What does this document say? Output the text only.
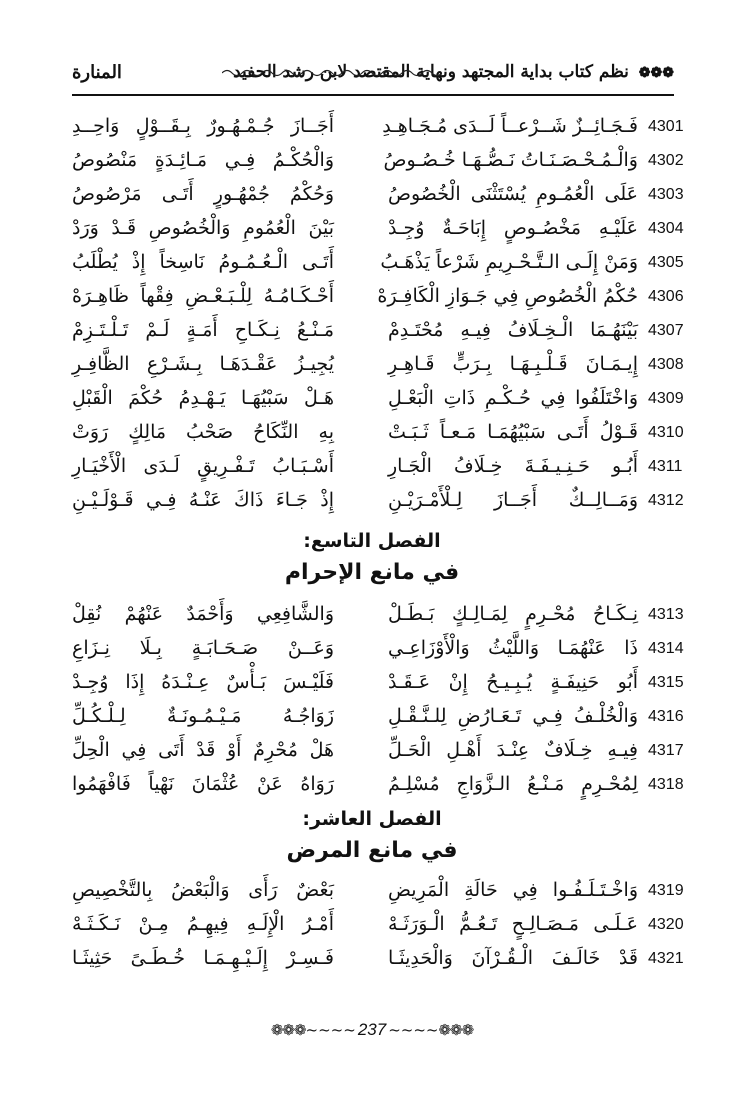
❁❁❁ نظم كتاب بداية المجتهد ونهاية المقتصد لابن رشد الحفيد
المنارة
4301
فَـجَـائِــزٌ شَــرْعــاً لَــدَى مُـجَـاهِـدِ
أَجَــازَ جُـمْـهُـورٌ بِـقَــوْلٍ وَاحِــدِ
4302
وَالْـمُـحْـصَـنَـاتُ نَـصُّـهَـا خُـصُـوصُ
وَالْحُكْـمُ فِـي مَـائِـدَةٍ مَنْصُوصُ
4303
عَلَى الْعُمُـومِ يُسْتَثْنَى الْخُصُوصُ
وَحُكْمُ جُمْهُـورٍ أَتَـى مَرْصُوصُ
4304
عَلَيْـهِ مَخْصُـوصٍ إِبَاحَـةٌ وُجِـدْ
بَيْنَ الْعُمُومِ وَالْخُصُوصِ قَـدْ وَرَدْ
4305
وَمَنْ إِلَـى الـتَّـحْـرِيمِ شَرْعاً يَذْهَـبُ
أَتَـى الْـعُـمُـومُ نَاسِخاً إِذْ يُطْلَبُ
4306
حُكْمُ الْخُصُوصِ فِي جَـوَازِ الْكَافِـرَهْ
أَحْـكَـامُـهُ لِلْـبَـعْـضِ فِقْهاً ظَاهِـرَهْ
4307
بَيْنَهُـمَا الْـخِـلَافُ فِيـهِ مُحْتَـدِمْ
مَـنْـعُ نِـكَـاحِ أَمَـةٍ لَـمْ تَـلْـتَـزِمْ
4308
إِيـمَـانَ قَـلْـبِـهَـا بِـرَبٍّ قَـاهِـرِ
يُجِيـزُ عَقْـدَهَـا بِـشَـرْعِ الظَّافِـرِ
4309
وَاخْتَلَفُوا فِي حُـكْـمِ ذَاتِ الْبَعْـلِ
هَـلْ سَبْيُهَـا يَـهْـدِمُ حُكْمَ الْقَبْلِ
4310
قَـوْلُ أَتَـى سَبْيُهُمَـا مَـعـاً ثَـبَـتْ
بِهِ النِّكَاحُ صَحْبُ مَالِكٍ رَوَتْ
4311
أَبُـو حَـنِـيـفَـةَ خِـلَافُ الْجَـارِ
أَسْـبَـابُ تَـفْـرِيقٍ لَـدَى الْأَخْيَـارِ
4312
وَمَــالِــكٌ أَجَــازَ لِـلْأَمْـرَيْـنِ
إِذْ جَـاءَ ذَاكَ عَنْـهُ فِـي قَـوْلَـيْـنِ
الفصل التاسع:
في مانع الإحرام
4313
نِـكَـاحُ مُحْـرِمٍ لِمَـالِـكٍ بَـطَـلْ
وَالشَّافِعِي وَأَحْمَدٌ عَنْهُمْ نُقِلْ
4314
ذَا عَنْهُمَـا وَاللَّيْثُ وَالْأَوْزَاعِـي
وَعَــنْ صَـحَـابَـةٍ بِـلَا نِـزَاعِ
4315
أَبُو حَنِيفَـةٍ يُـبِـيـحُ إِنْ عَـقَـدْ
فَلَيْـسَ بَـأْسٌ عِـنْـدَهُ إِذَا وُجِـدْ
4316
وَالْخُلْـفُ فِـي تَـعَـارُضِ لِلـنَّـقْـلِ
زَوَاجُـهُ مَـيْـمُـونَـةٌ لِـلْـكُـلِّ
4317
فِيـهِ خِـلَافٌ عِنْـدَ أَهْـلِ الْحَـلِّ
هَلْ مُحْرِمٌ أَوْ قَدْ أَتَى فِي الْحِلِّ
4318
لِمُحْـرِمٍ مَـنْـعُ الـزَّوَاجِ مُسْلِـمُ
رَوَاهُ عَنْ عُثْمَانَ نَهْياً فَافْهَمُوا
الفصل العاشر:
في مانع المرض
4319
وَاخْـتَـلَـفُـوا فِي حَالَةِ الْمَرِيضِ
بَعْضٌ رَأَى وَالْبَعْضُ بِالتَّخْصِيصِ
4320
عَـلَـى مَـصَـالِـحٍ تَـعُـمُّ الْـوَرَثَـهْ
أَمْـرُ الْإِلَـهِ فِيهِـمُ مِـنْ نَـكَـثَـهْ
4321
قَدْ خَالَـفَ الْـقُـرْآنَ وَالْحَدِيثَـا
فَـسِـرْ إِلَـيْـهِـمَـا خُـطَـىً حَثِيثَـا
❁❁❁~~~~ 237 ~~~~❁❁❁
